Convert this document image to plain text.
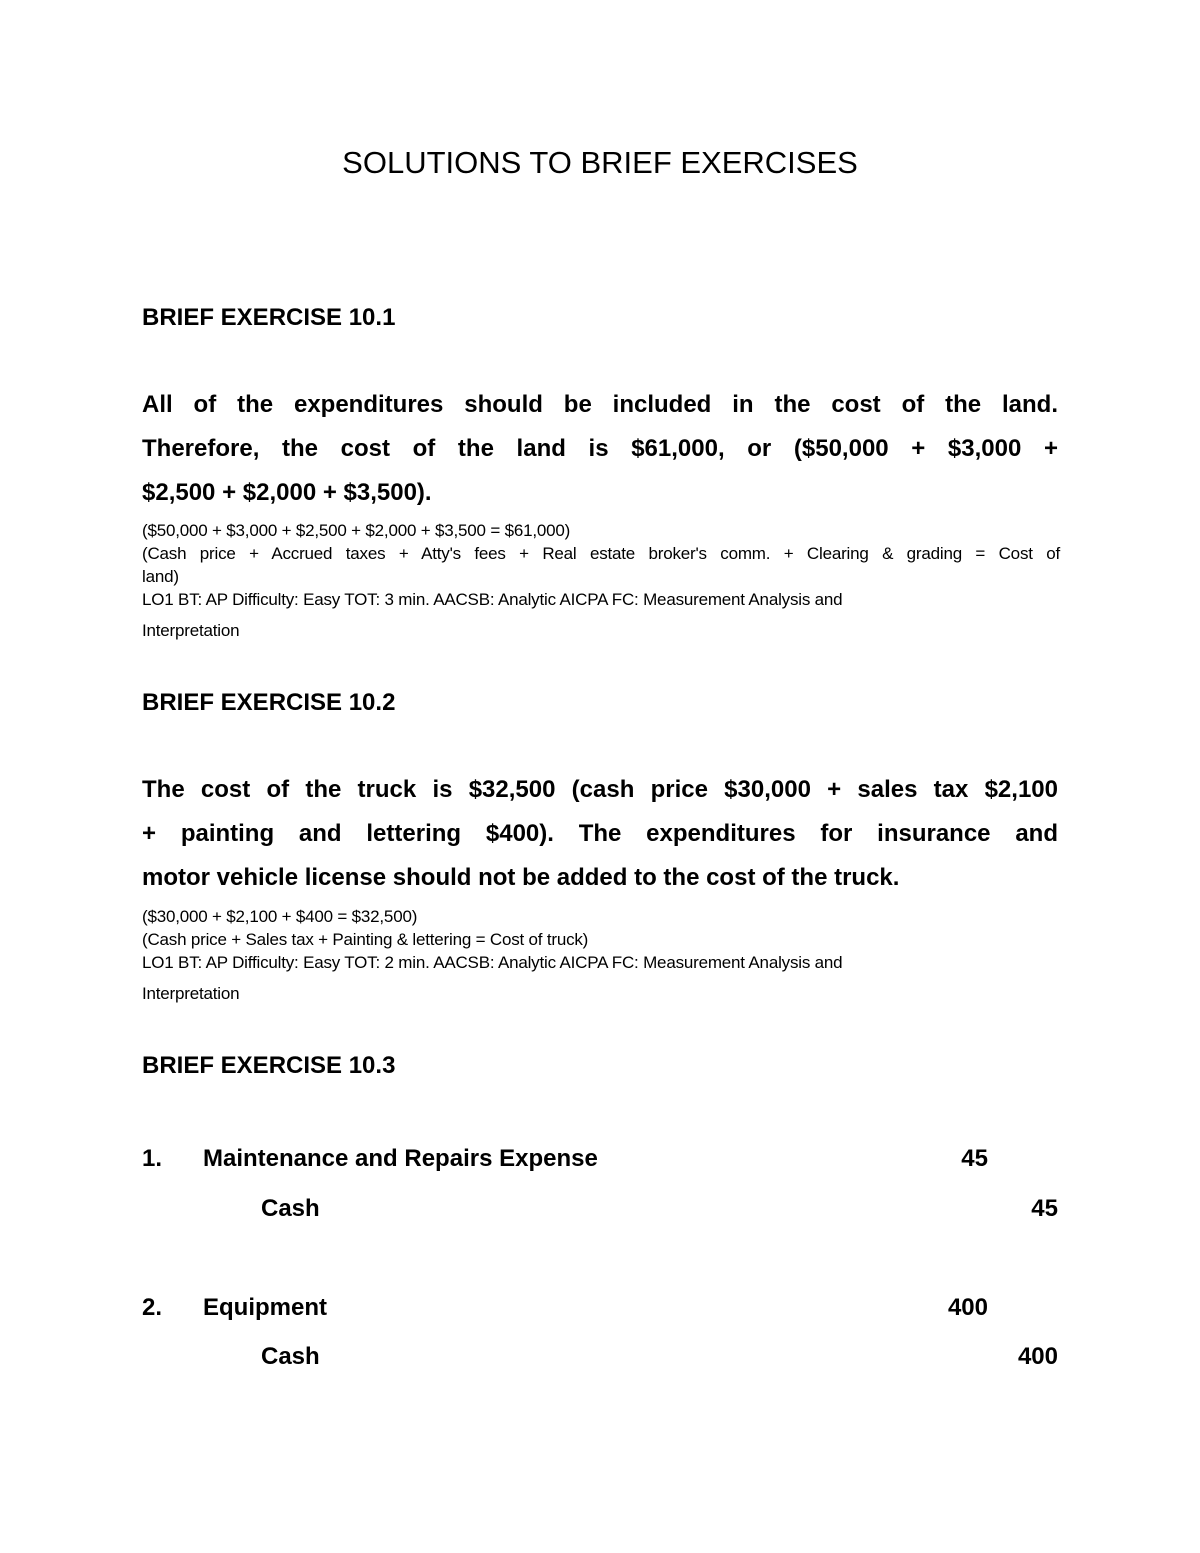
SOLUTIONS TO BRIEF EXERCISES
BRIEF EXERCISE 10.1
All of the expenditures should be included in the cost of the land.
Therefore, the cost of the land is $61,000, or ($50,000 + $3,000 +
$2,500 + $2,000 + $3,500).
($50,000 + $3,000 + $2,500 + $2,000 + $3,500 = $61,000)
(Cash price + Accrued taxes + Atty's fees + Real estate broker's comm. + Clearing & grading = Cost of
land)
LO1 BT: AP Difficulty: Easy TOT: 3 min. AACSB: Analytic AICPA FC: Measurement Analysis and
Interpretation
BRIEF EXERCISE 10.2
The cost of the truck is $32,500 (cash price $30,000 + sales tax $2,100
+ painting and lettering $400). The expenditures for insurance and
motor vehicle license should not be added to the cost of the truck.
($30,000 + $2,100 + $400 = $32,500)
(Cash price + Sales tax + Painting & lettering = Cost of truck)
LO1 BT: AP Difficulty: Easy TOT: 2 min. AACSB: Analytic AICPA FC: Measurement Analysis and
Interpretation
BRIEF EXERCISE 10.3
1. Maintenance and Repairs Expense	45
Cash	45
2. Equipment	400
Cash	400
